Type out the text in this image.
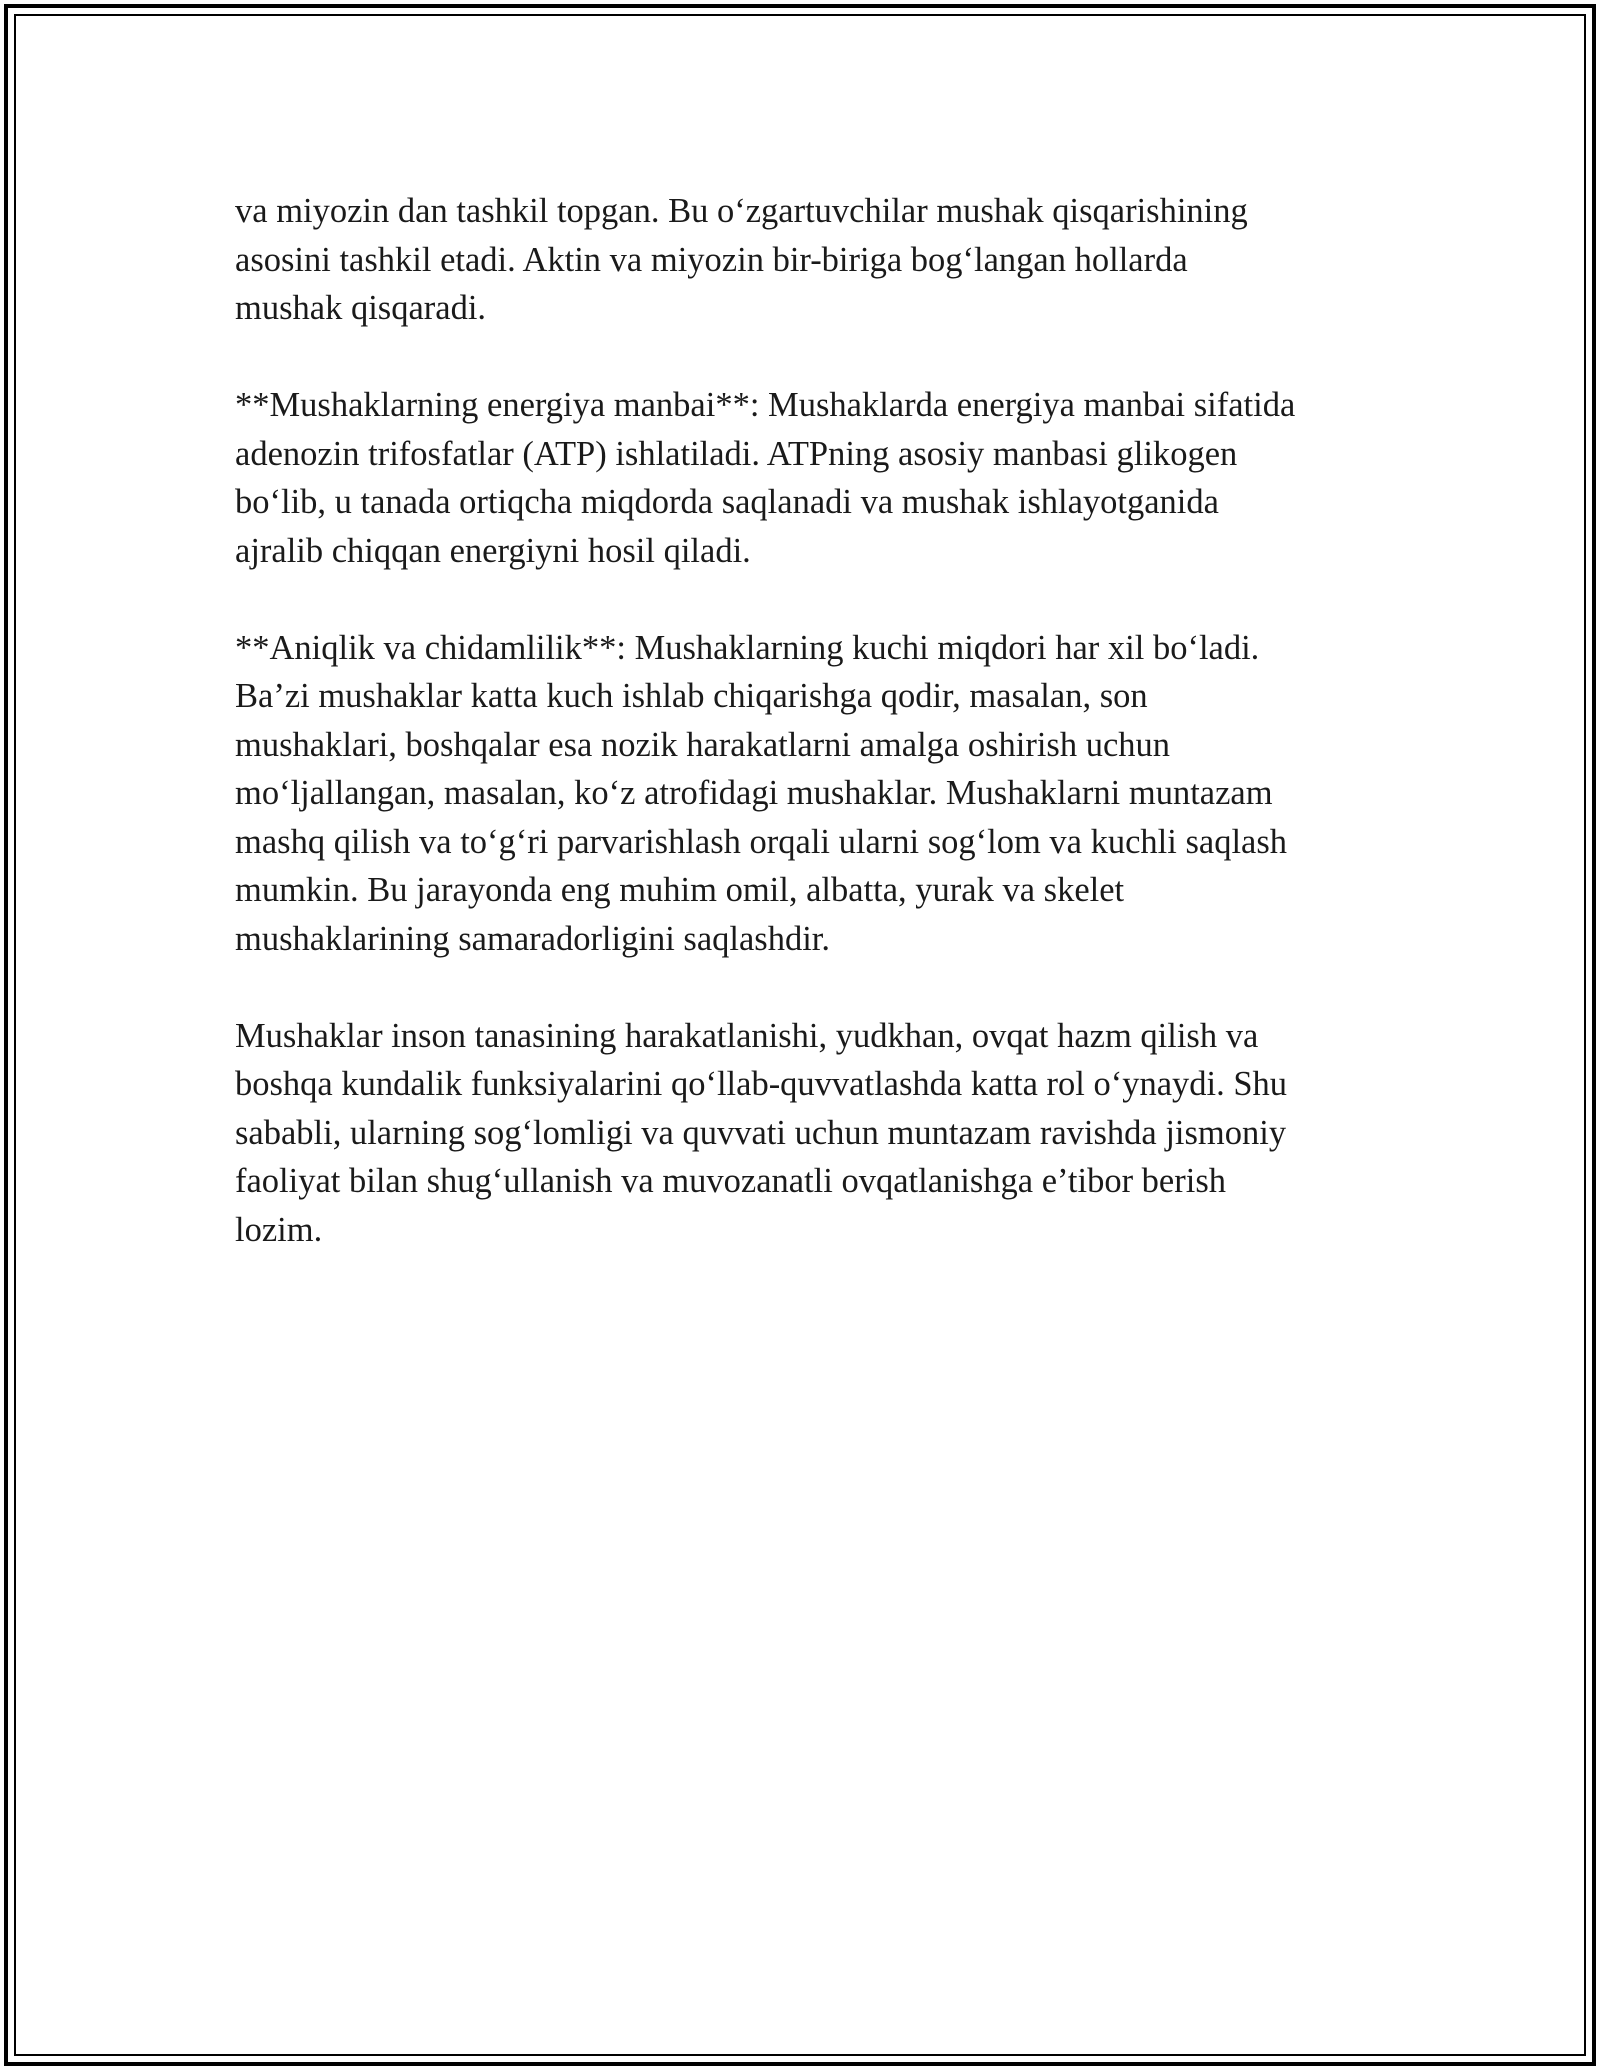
va miyozin dan tashkil topgan. Bu o‘zgartuvchilar mushak qisqarishining
asosini tashkil etadi. Aktin va miyozin bir-biriga bog‘langan hollarda
mushak qisqaradi.

**Mushaklarning energiya manbai**: Mushaklarda energiya manbai sifatida
adenozin trifosfatlar (ATP) ishlatiladi. ATPning asosiy manbasi glikogen
bo‘lib, u tanada ortiqcha miqdorda saqlanadi va mushak ishlayotganida
ajralib chiqqan energiyni hosil qiladi.

**Aniqlik va chidamlilik**: Mushaklarning kuchi miqdori har xil bo‘ladi.
Ba’zi mushaklar katta kuch ishlab chiqarishga qodir, masalan, son
mushaklari, boshqalar esa nozik harakatlarni amalga oshirish uchun
mo‘ljallangan, masalan, ko‘z atrofidagi mushaklar. Mushaklarni muntazam
mashq qilish va to‘g‘ri parvarishlash orqali ularni sog‘lom va kuchli saqlash
mumkin. Bu jarayonda eng muhim omil, albatta, yurak va skelet
mushaklarining samaradorligini saqlashdir.

Mushaklar inson tanasining harakatlanishi, yudkhan, ovqat hazm qilish va
boshqa kundalik funksiyalarini qo‘llab-quvvatlashda katta rol o‘ynaydi. Shu
sababli, ularning sog‘lomligi va quvvati uchun muntazam ravishda jismoniy
faoliyat bilan shug‘ullanish va muvozanatli ovqatlanishga e’tibor berish
lozim.
